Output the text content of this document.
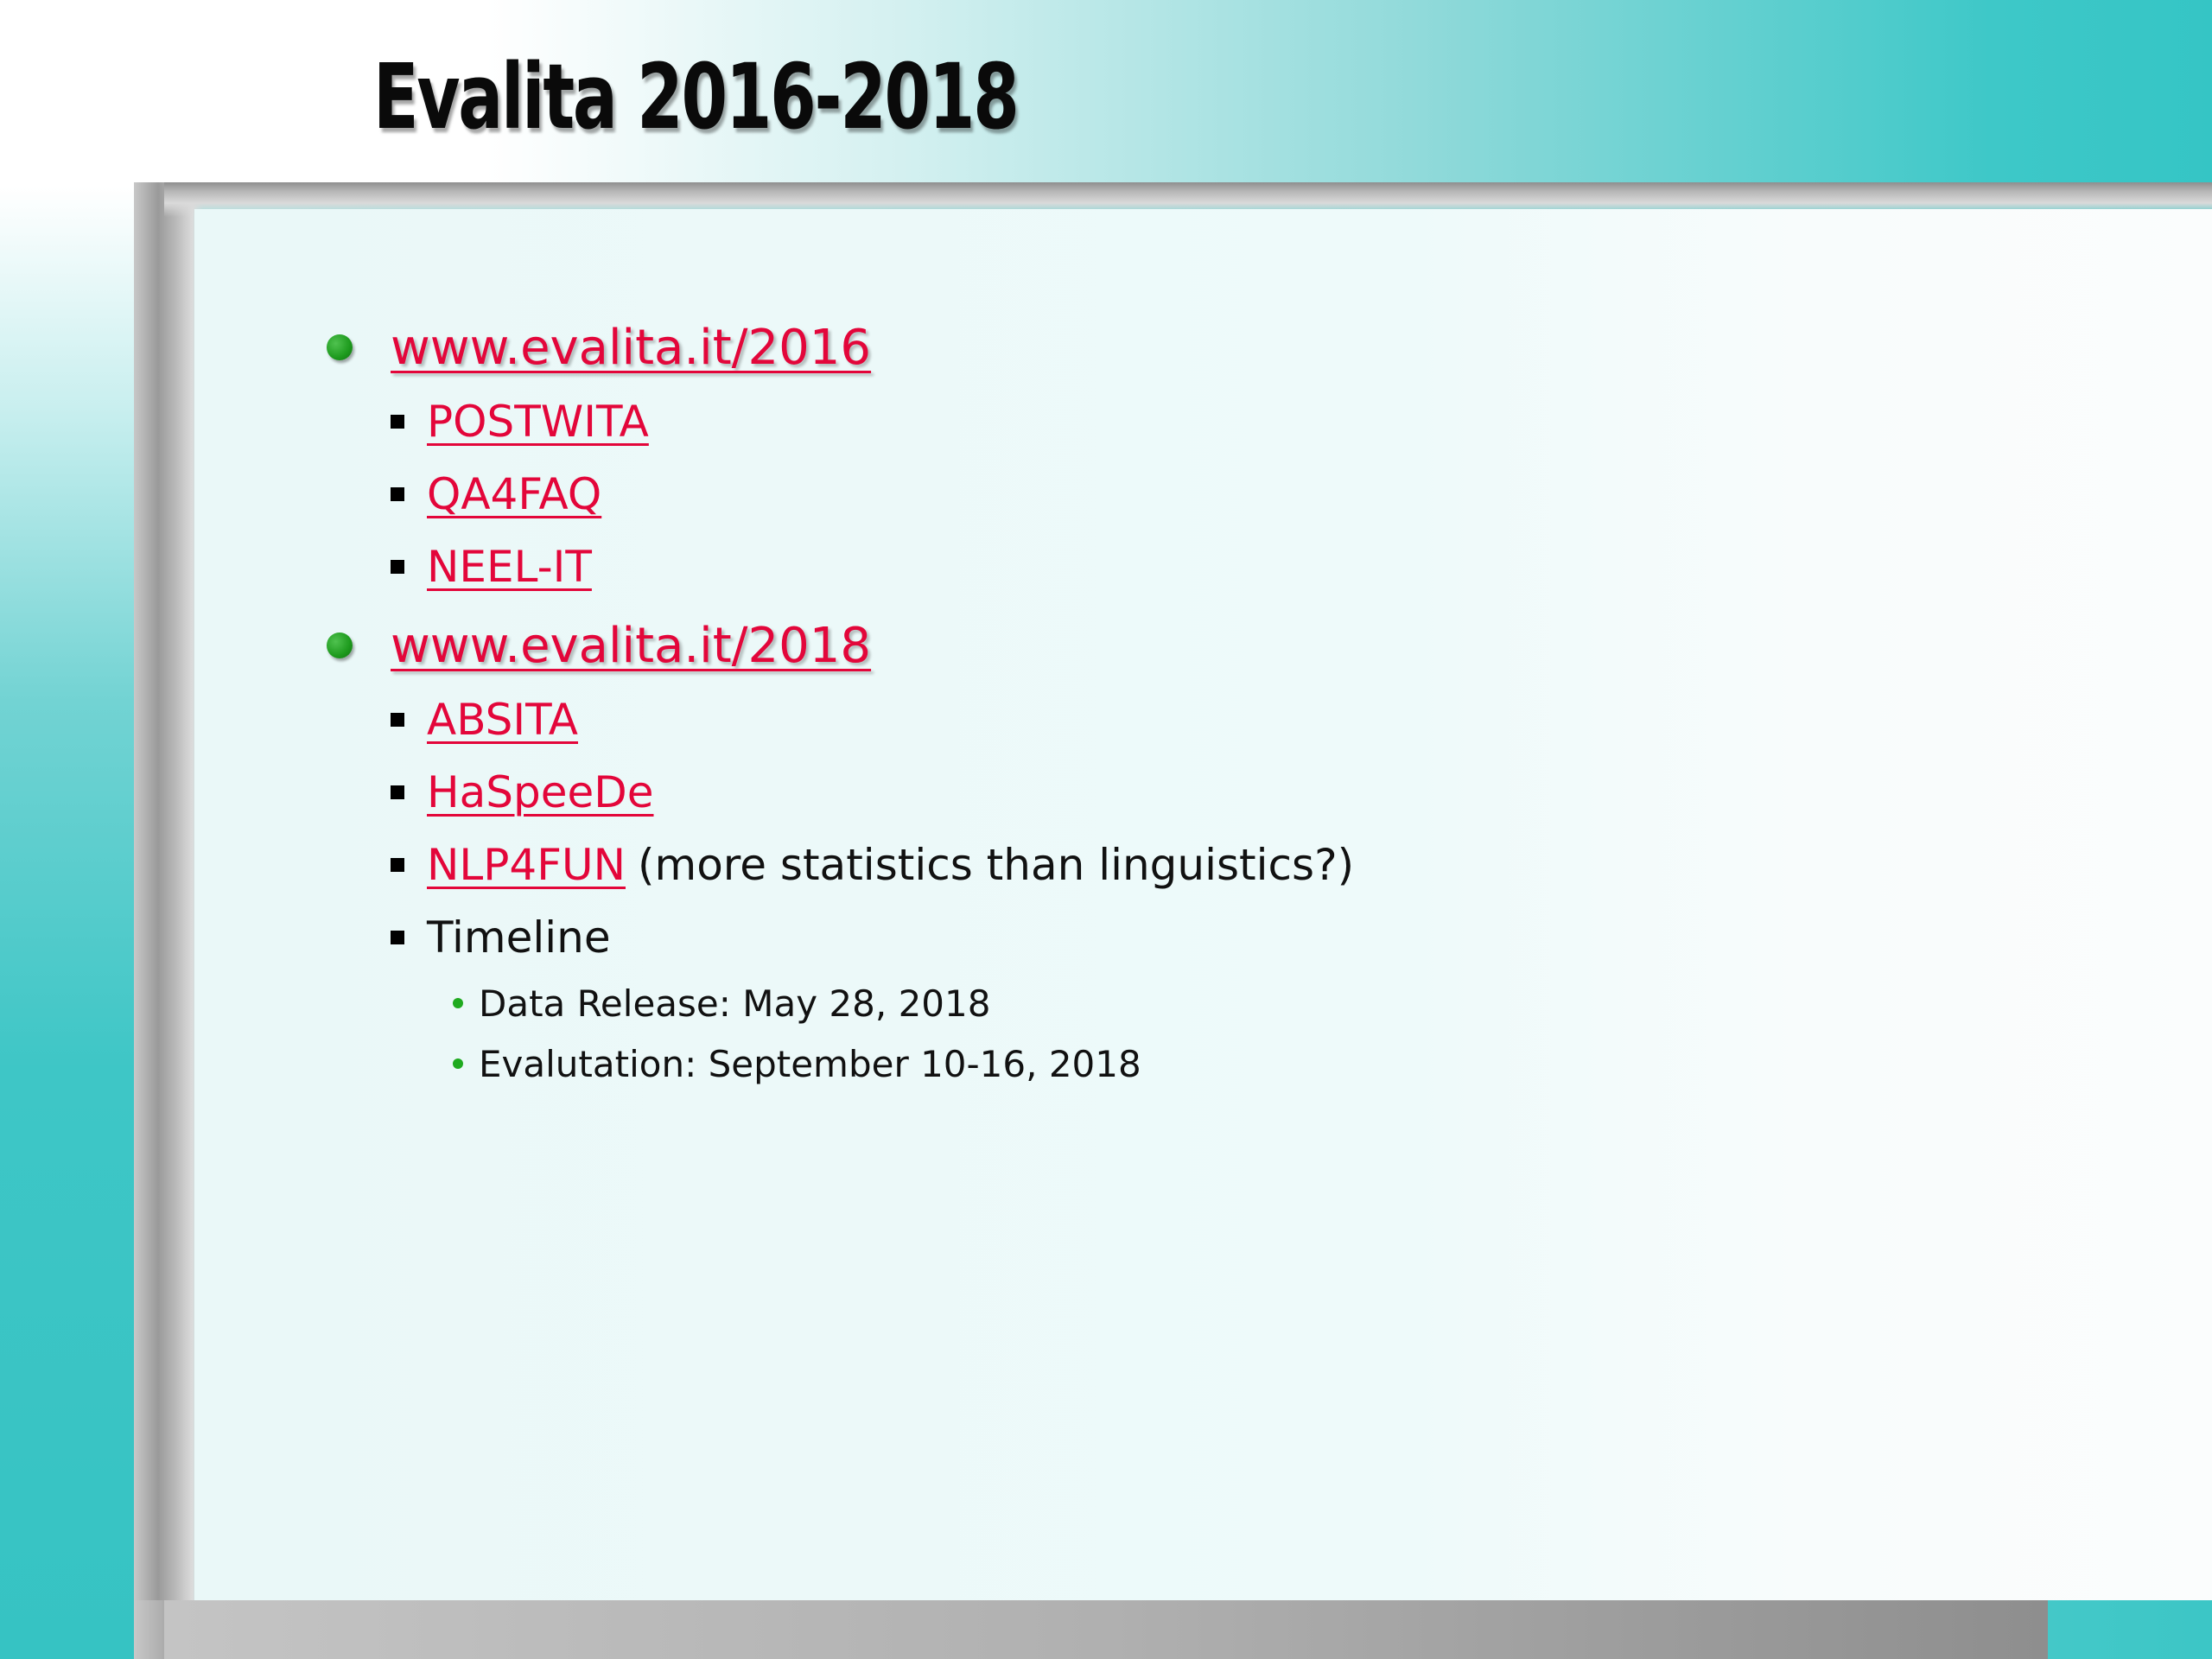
Evalita 2016-2018
www.evalita.it/2016
POSTWITA
QA4FAQ
NEEL-IT
www.evalita.it/2018
ABSITA
HaSpeeDe
NLP4FUN (more statistics than linguistics?)
Timeline
Data Release: May 28, 2018
Evalutation: September 10-16, 2018
